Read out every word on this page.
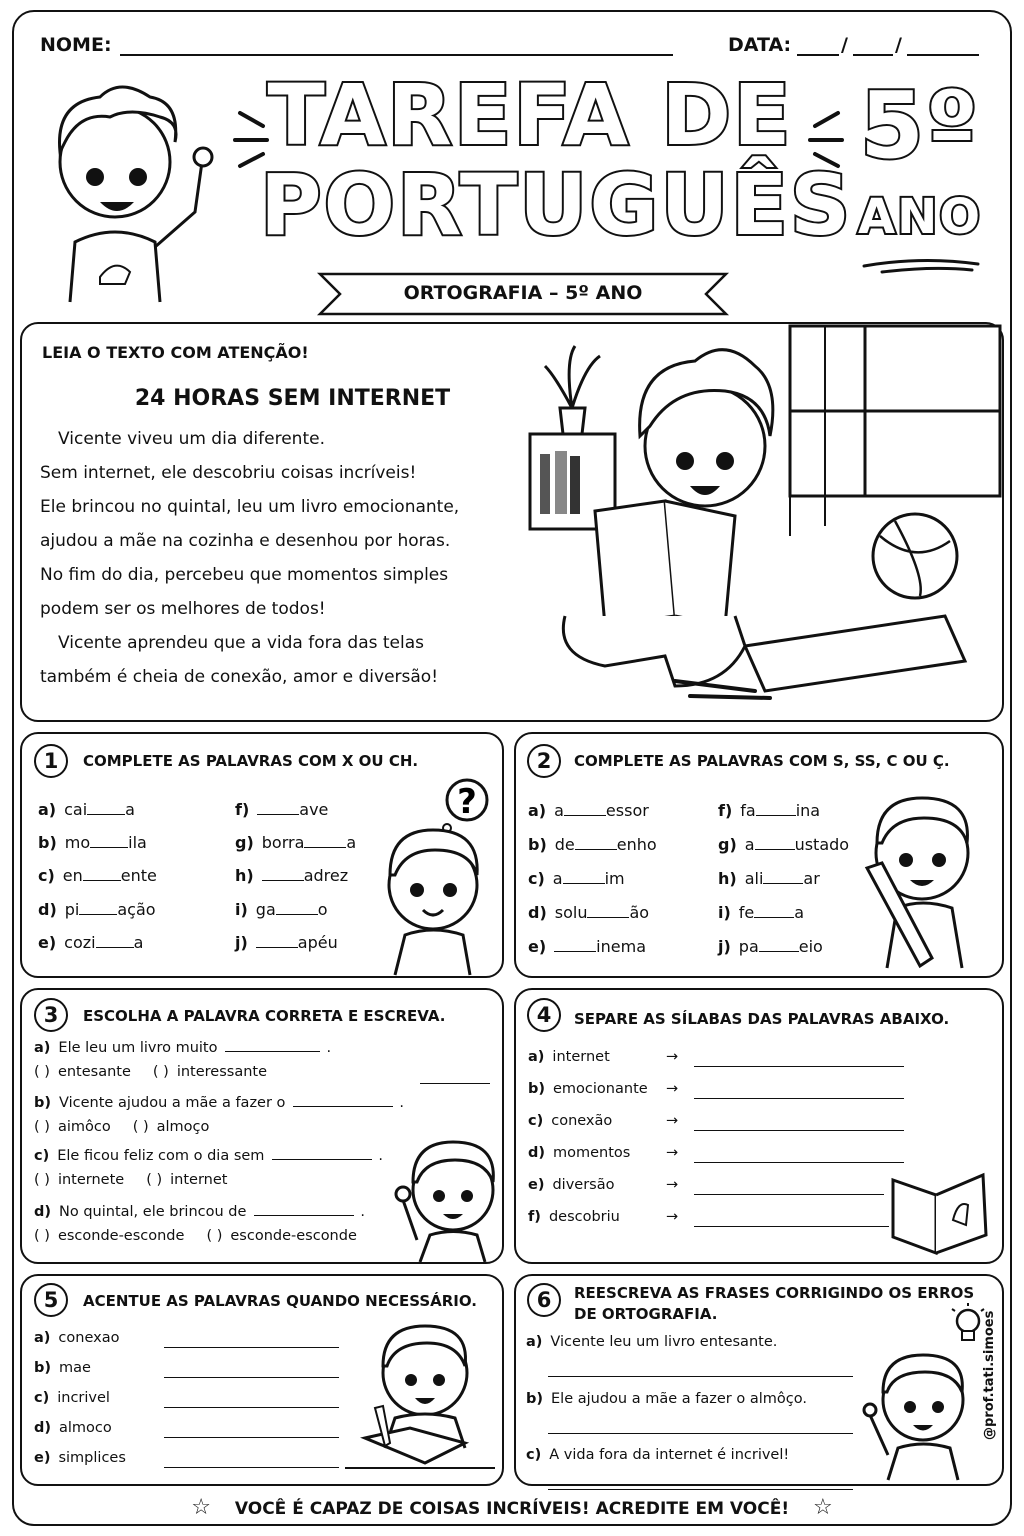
NOME:	DATA:	/ /
TAREFA DE
PORTUGUÊS
5º
ANO
ORTOGRAFIA – 5º ANO
LEIA O TEXTO COM ATENÇÃO!
24 HORAS SEM INTERNET

Vicente viveu um dia diferente.

Sem internet, ele descobriu coisas incríveis!

Ele brincou no quintal, leu um livro emocionante,

ajudou a mãe na cozinha e desenhou por horas.

No fim do dia, percebeu que momentos simples

podem ser os melhores de todos!

Vicente aprendeu que a vida fora das telas

também é cheia de conexão, amor e diversão!

1	COMPLETE AS PALAVRAS COM X OU CH.
a) cai a	f)	ave
b) mo ila	g) borra	a
c) en ente	h)	adrez
d) pi ação	i) ga	o
e) cozi a	j)	apéu
?
2	COMPLETE AS PALAVRAS COM S, SS, C OU Ç.
a) a	essor	f) fa	ina
b) de	enho	g) a	ustado
c) a	im	h) ali	ar
d) solu	ão	i) fe	a
e)	inema	j) pa	eio
3	ESCOLHA A PALAVRA CORRETA E ESCREVA.
a) Ele leu um livro muito	.
( ) entesante ( ) interessante
b) Vicente ajudou a mãe a fazer o	.
( ) aimôco ( ) almoço
c) Ele ficou feliz com o dia sem	.
( ) internete ( ) internet
d) No quintal, ele brincou de	.
( ) esconde-esconde ( ) esconde-esconde
4	SEPARE AS SÍLABAS DAS PALAVRAS ABAIXO.
a) internet	→
b) emocionante →
c) conexão	→
d) momentos →
e) diversão	→
f) descobriu	→
5	ACENTUE AS PALAVRAS QUANDO NECESSÁRIO.
a) conexao
b) mae
c) incrivel
d) almoco
e) simplices
6	REESCREVA AS FRASES CORRIGINDO OS ERROS
DE ORTOGRAFIA.
a) Vicente leu um livro entesante.
b) Ele ajudou a mãe a fazer o almôço.
c) A vida fora da internet é incrivel!
☆ VOCÊ É CAPAZ DE COISAS INCRÍVEIS! ACREDITE EM VOCÊ! ☆
@prof.tati.simoes
